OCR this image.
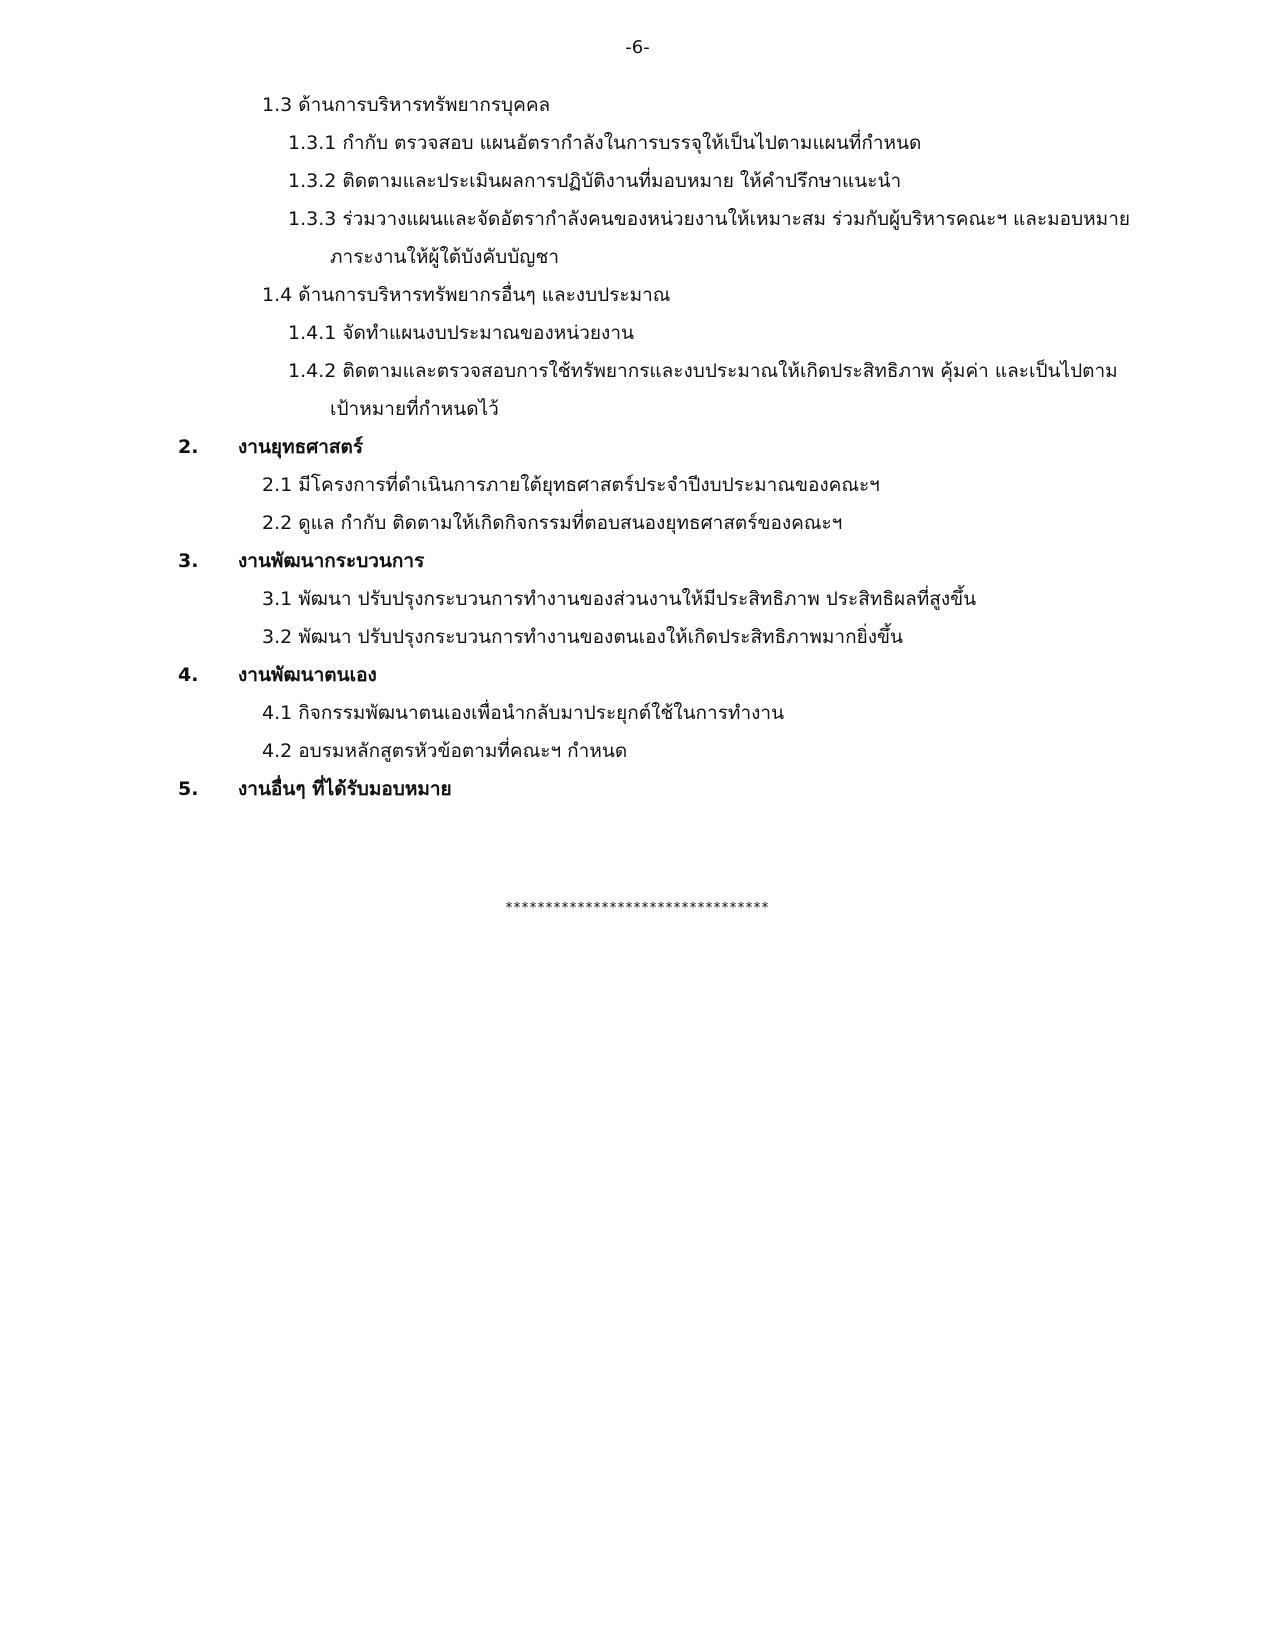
-6-
1.3 ด้านการบริหารทรัพยากรบุคคล
1.3.1 กำกับ ตรวจสอบ แผนอัตรากำลังในการบรรจุให้เป็นไปตามแผนที่กำหนด
1.3.2 ติดตามและประเมินผลการปฏิบัติงานที่มอบหมาย ให้คำปรึกษาแนะนำ
1.3.3 ร่วมวางแผนและจัดอัตรากำลังคนของหน่วยงานให้เหมาะสม ร่วมกับผู้บริหารคณะฯ และมอบหมาย
ภาระงานให้ผู้ใต้บังคับบัญชา
1.4 ด้านการบริหารทรัพยากรอื่นๆ และงบประมาณ
1.4.1 จัดทำแผนงบประมาณของหน่วยงาน
1.4.2 ติดตามและตรวจสอบการใช้ทรัพยากรและงบประมาณให้เกิดประสิทธิภาพ คุ้มค่า และเป็นไปตาม
เป้าหมายที่กำหนดไว้
2. งานยุทธศาสตร์
2.1 มีโครงการที่ดำเนินการภายใต้ยุทธศาสตร์ประจำปีงบประมาณของคณะฯ
2.2 ดูแล กำกับ ติดตามให้เกิดกิจกรรมที่ตอบสนองยุทธศาสตร์ของคณะฯ
3. งานพัฒนากระบวนการ
3.1 พัฒนา ปรับปรุงกระบวนการทำงานของส่วนงานให้มีประสิทธิภาพ ประสิทธิผลที่สูงขึ้น
3.2 พัฒนา ปรับปรุงกระบวนการทำงานของตนเองให้เกิดประสิทธิภาพมากยิ่งขึ้น
4. งานพัฒนาตนเอง
4.1 กิจกรรมพัฒนาตนเองเพื่อนำกลับมาประยุกต์ใช้ในการทำงาน
4.2 อบรมหลักสูตรหัวข้อตามที่คณะฯ กำหนด
5. งานอื่นๆ ที่ได้รับมอบหมาย
*********************************
